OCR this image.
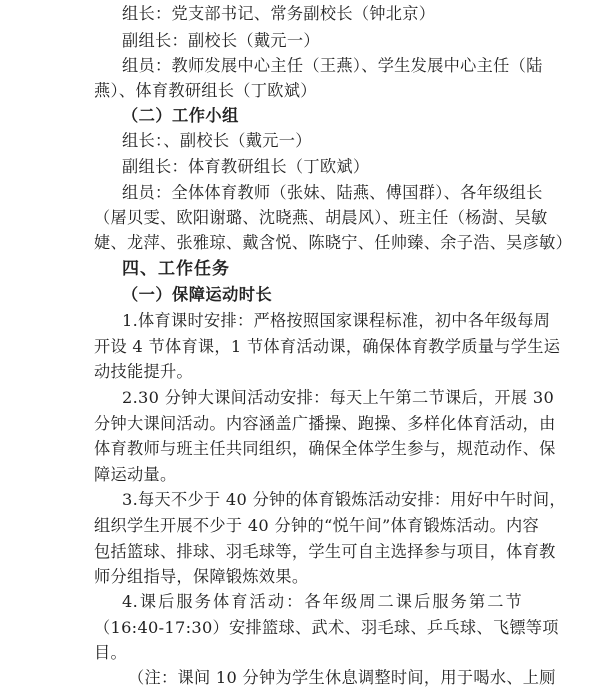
组长：党支部书记、常务副校长（钟北京）
副组长：副校长（戴元一）
组员：教师发展中心主任（王燕）、学生发展中心主任（陆
燕）、体育教研组长（丁欧斌）
（二）工作小组
组长：、副校长（戴元一）
副组长：体育教研组长（丁欧斌）
组员：全体体育教师（张妹、陆燕、傅国群）、各年级组长
（屠贝雯、欧阳谢璐、沈晓燕、胡晨风）、班主任（杨澍、吴敏
婕、龙萍、张雅琼、戴含悦、陈晓宁、任帅臻、余子浩、吴彦敏）
四、工作任务
（一）保障运动时长
1.体育课时安排：严格按照国家课程标准，初中各年级每周
开设 4 节体育课，1 节体育活动课，确保体育教学质量与学生运
动技能提升。
2.30 分钟大课间活动安排：每天上午第二节课后，开展 30
分钟大课间活动。内容涵盖广播操、跑操、多样化体育活动，由
体育教师与班主任共同组织，确保全体学生参与，规范动作、保
障运动量。
3.每天不少于 40 分钟的体育锻炼活动安排：用好中午时间，
组织学生开展不少于 40 分钟的“悦午间”体育锻炼活动。内容
包括篮球、排球、羽毛球等，学生可自主选择参与项目，体育教
师分组指导，保障锻炼效果。
4.课后服务体育活动：各年级周二课后服务第二节
（16:40-17:30）安排篮球、武术、羽毛球、乒乓球、飞镖等项
目。
（注：课间 10 分钟为学生休息调整时间，用于喝水、上厕
